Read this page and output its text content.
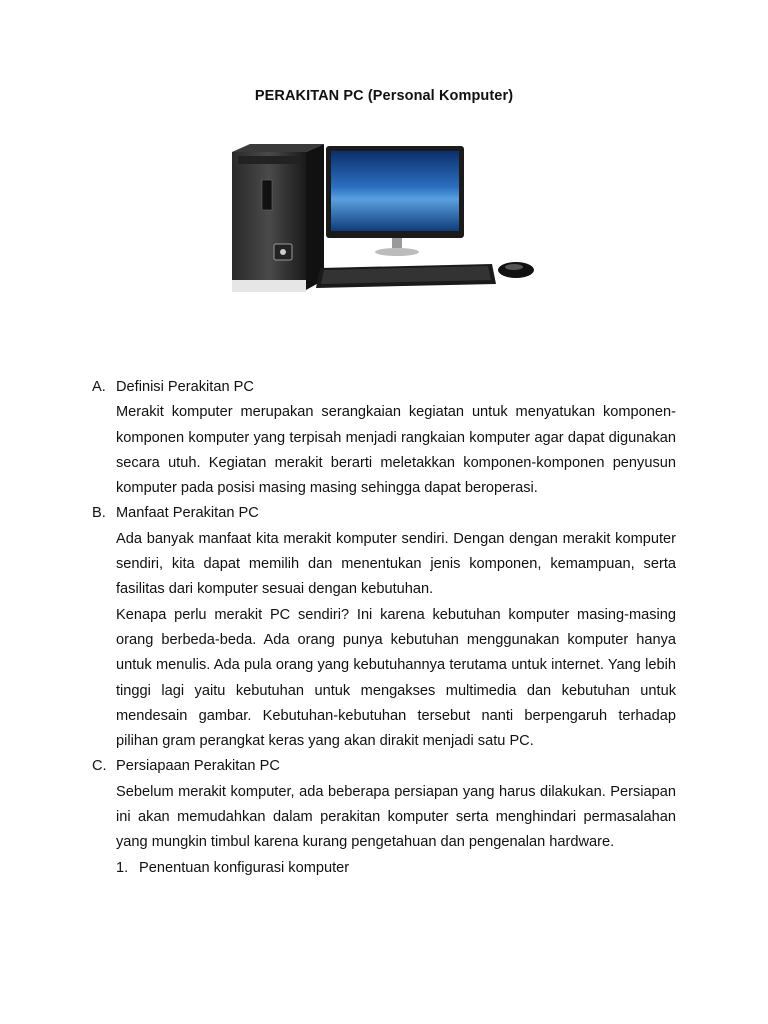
PERAKITAN PC (Personal Komputer)
A. Definisi Perakitan PC

Merakit komputer merupakan serangkaian kegiatan untuk menyatukan komponen-komponen komputer yang terpisah menjadi rangkaian komputer agar dapat digunakan secara utuh. Kegiatan merakit berarti meletakkan komponen-komponen penyusun komputer pada posisi masing masing sehingga dapat beroperasi.

B. Manfaat Perakitan PC

Ada banyak manfaat kita merakit komputer sendiri. Dengan dengan merakit komputer sendiri, kita dapat memilih dan menentukan jenis komponen, kemampuan, serta fasilitas dari komputer sesuai dengan kebutuhan.

Kenapa perlu merakit PC sendiri? Ini karena kebutuhan komputer masing-masing orang berbeda-beda. Ada orang punya kebutuhan menggunakan komputer hanya untuk menulis. Ada pula orang yang kebutuhannya terutama untuk internet. Yang lebih tinggi lagi yaitu kebutuhan untuk mengakses multimedia dan kebutuhan untuk mendesain gambar. Kebutuhan-kebutuhan tersebut nanti berpengaruh terhadap pilihan gram perangkat keras yang akan dirakit menjadi satu PC.

C. Persiapaan Perakitan PC

Sebelum merakit komputer, ada beberapa persiapan yang harus dilakukan. Persiapan ini akan memudahkan dalam perakitan komputer serta menghindari permasalahan yang mungkin timbul karena kurang pengetahuan dan pengenalan hardware.

1. Penentuan konfigurasi komputer
